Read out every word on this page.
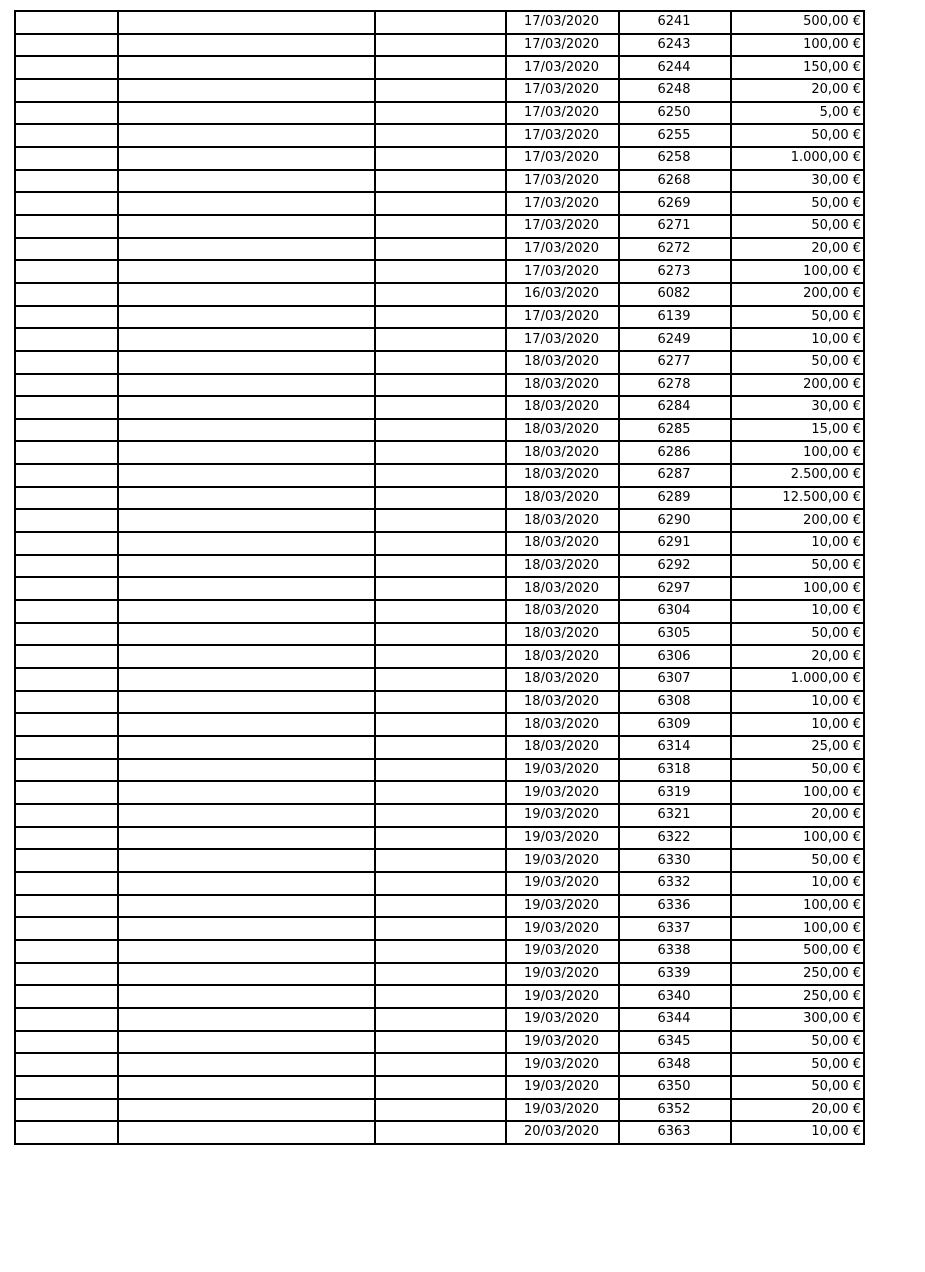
			17/03/2020	6241	500,00 €
			17/03/2020	6243	100,00 €
			17/03/2020	6244	150,00 €
			17/03/2020	6248	20,00 €
			17/03/2020	6250	5,00 €
			17/03/2020	6255	50,00 €
			17/03/2020	6258	1.000,00 €
			17/03/2020	6268	30,00 €
			17/03/2020	6269	50,00 €
			17/03/2020	6271	50,00 €
			17/03/2020	6272	20,00 €
			17/03/2020	6273	100,00 €
			16/03/2020	6082	200,00 €
			17/03/2020	6139	50,00 €
			17/03/2020	6249	10,00 €
			18/03/2020	6277	50,00 €
			18/03/2020	6278	200,00 €
			18/03/2020	6284	30,00 €
			18/03/2020	6285	15,00 €
			18/03/2020	6286	100,00 €
			18/03/2020	6287	2.500,00 €
			18/03/2020	6289	12.500,00 €
			18/03/2020	6290	200,00 €
			18/03/2020	6291	10,00 €
			18/03/2020	6292	50,00 €
			18/03/2020	6297	100,00 €
			18/03/2020	6304	10,00 €
			18/03/2020	6305	50,00 €
			18/03/2020	6306	20,00 €
			18/03/2020	6307	1.000,00 €
			18/03/2020	6308	10,00 €
			18/03/2020	6309	10,00 €
			18/03/2020	6314	25,00 €
			19/03/2020	6318	50,00 €
			19/03/2020	6319	100,00 €
			19/03/2020	6321	20,00 €
			19/03/2020	6322	100,00 €
			19/03/2020	6330	50,00 €
			19/03/2020	6332	10,00 €
			19/03/2020	6336	100,00 €
			19/03/2020	6337	100,00 €
			19/03/2020	6338	500,00 €
			19/03/2020	6339	250,00 €
			19/03/2020	6340	250,00 €
			19/03/2020	6344	300,00 €
			19/03/2020	6345	50,00 €
			19/03/2020	6348	50,00 €
			19/03/2020	6350	50,00 €
			19/03/2020	6352	20,00 €
			20/03/2020	6363	10,00 €
